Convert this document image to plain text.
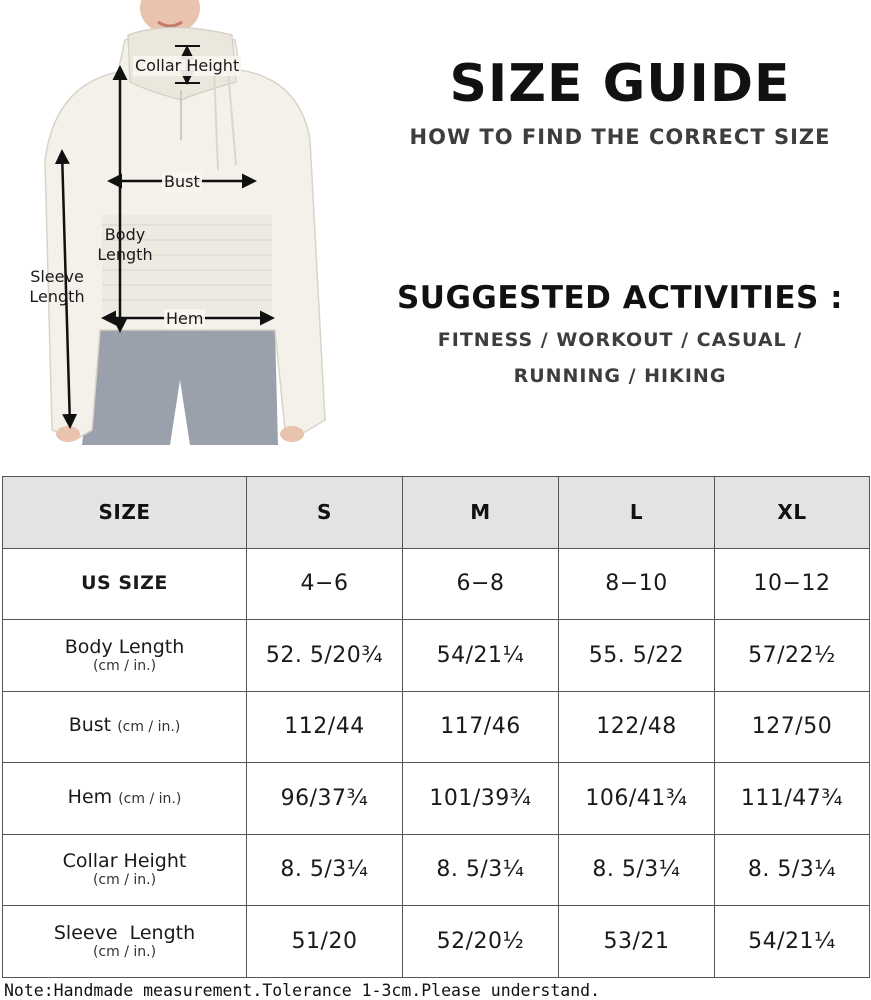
Collar Height
Bust
Body
Length
Sleeve
Length
Hem
SIZE GUIDE
HOW TO FIND THE CORRECT SIZE
SUGGESTED ACTIVITIES :
FITNESS / WORKOUT / CASUAL /
RUNNING / HIKING
SIZE	S	M	L	XL
US SIZE	4−6	6−8	8−10	10−12

Body Length
(cm / in.)	52. 5/20¾	54/21¼	55. 5/22	57/22½
Bust (cm / in.)	112/44	117/46	122/48	127/50
Hem (cm / in.)	96/37¾	101/39¾	106/41¾	111/47¾

Collar Height
(cm / in.)	8. 5/3¼	8. 5/3¼	8. 5/3¼	8. 5/3¼

Sleeve  Length
(cm / in.)	51/20	52/20½	53/21	54/21¼
Note:Handmade measurement.Tolerance 1-3cm.Please understand.
